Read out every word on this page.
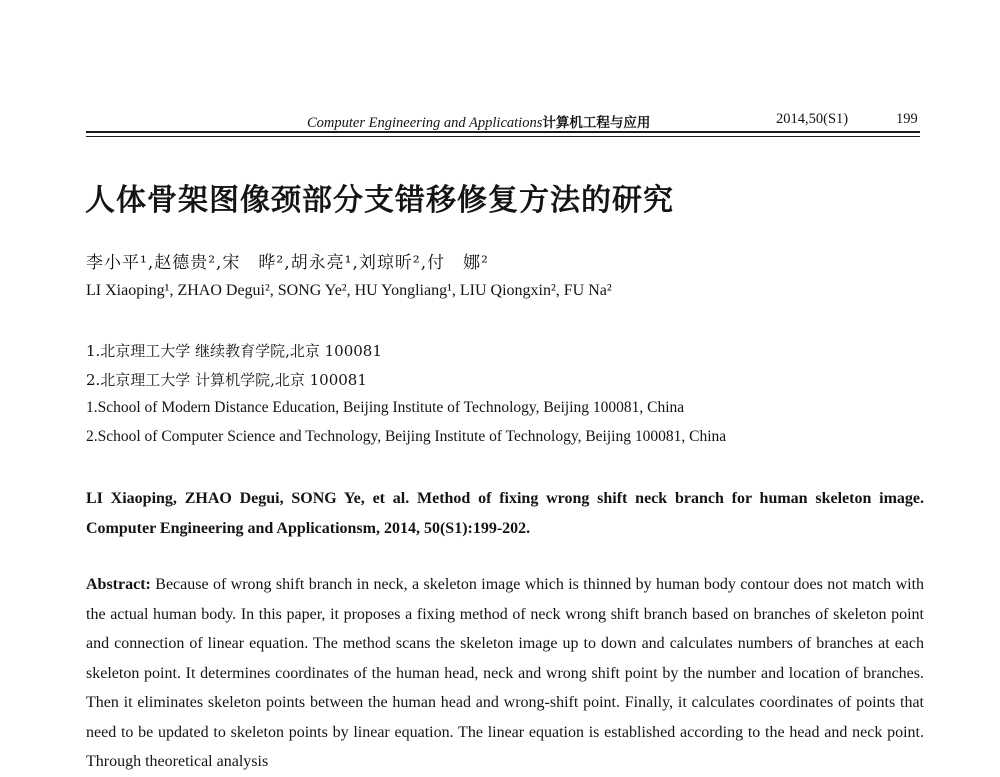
Computer Engineering and Applications计算机工程与应用	2014,50(S1)	199
人体骨架图像颈部分支错移修复方法的研究
李小平¹,赵德贵²,宋　晔²,胡永亮¹,刘琼昕²,付　娜²
LI Xiaoping¹, ZHAO Degui², SONG Ye², HU Yongliang¹, LIU Qiongxin², FU Na²
1.北京理工大学 继续教育学院,北京 100081
2.北京理工大学 计算机学院,北京 100081
1.School of Modern Distance Education, Beijing Institute of Technology, Beijing 100081, China
2.School of Computer Science and Technology, Beijing Institute of Technology, Beijing 100081, China
LI Xiaoping, ZHAO Degui, SONG Ye, et al. Method of fixing wrong shift neck branch for human skeleton image. Computer Engineering and Applicationsm, 2014, 50(S1):199-202.
Abstract: Because of wrong shift branch in neck, a skeleton image which is thinned by human body contour does not match with the actual human body. In this paper, it proposes a fixing method of neck wrong shift branch based on branches of skeleton point and connection of linear equation. The method scans the skeleton image up to down and calculates numbers of branches at each skeleton point. It determines coordinates of the human head, neck and wrong shift point by the number and location of branches. Then it eliminates skeleton points between the human head and wrong-shift point. Finally, it calculates coordinates of points that need to be updated to skeleton points by linear equation. The linear equation is established according to the head and neck point. Through theoretical analysis
